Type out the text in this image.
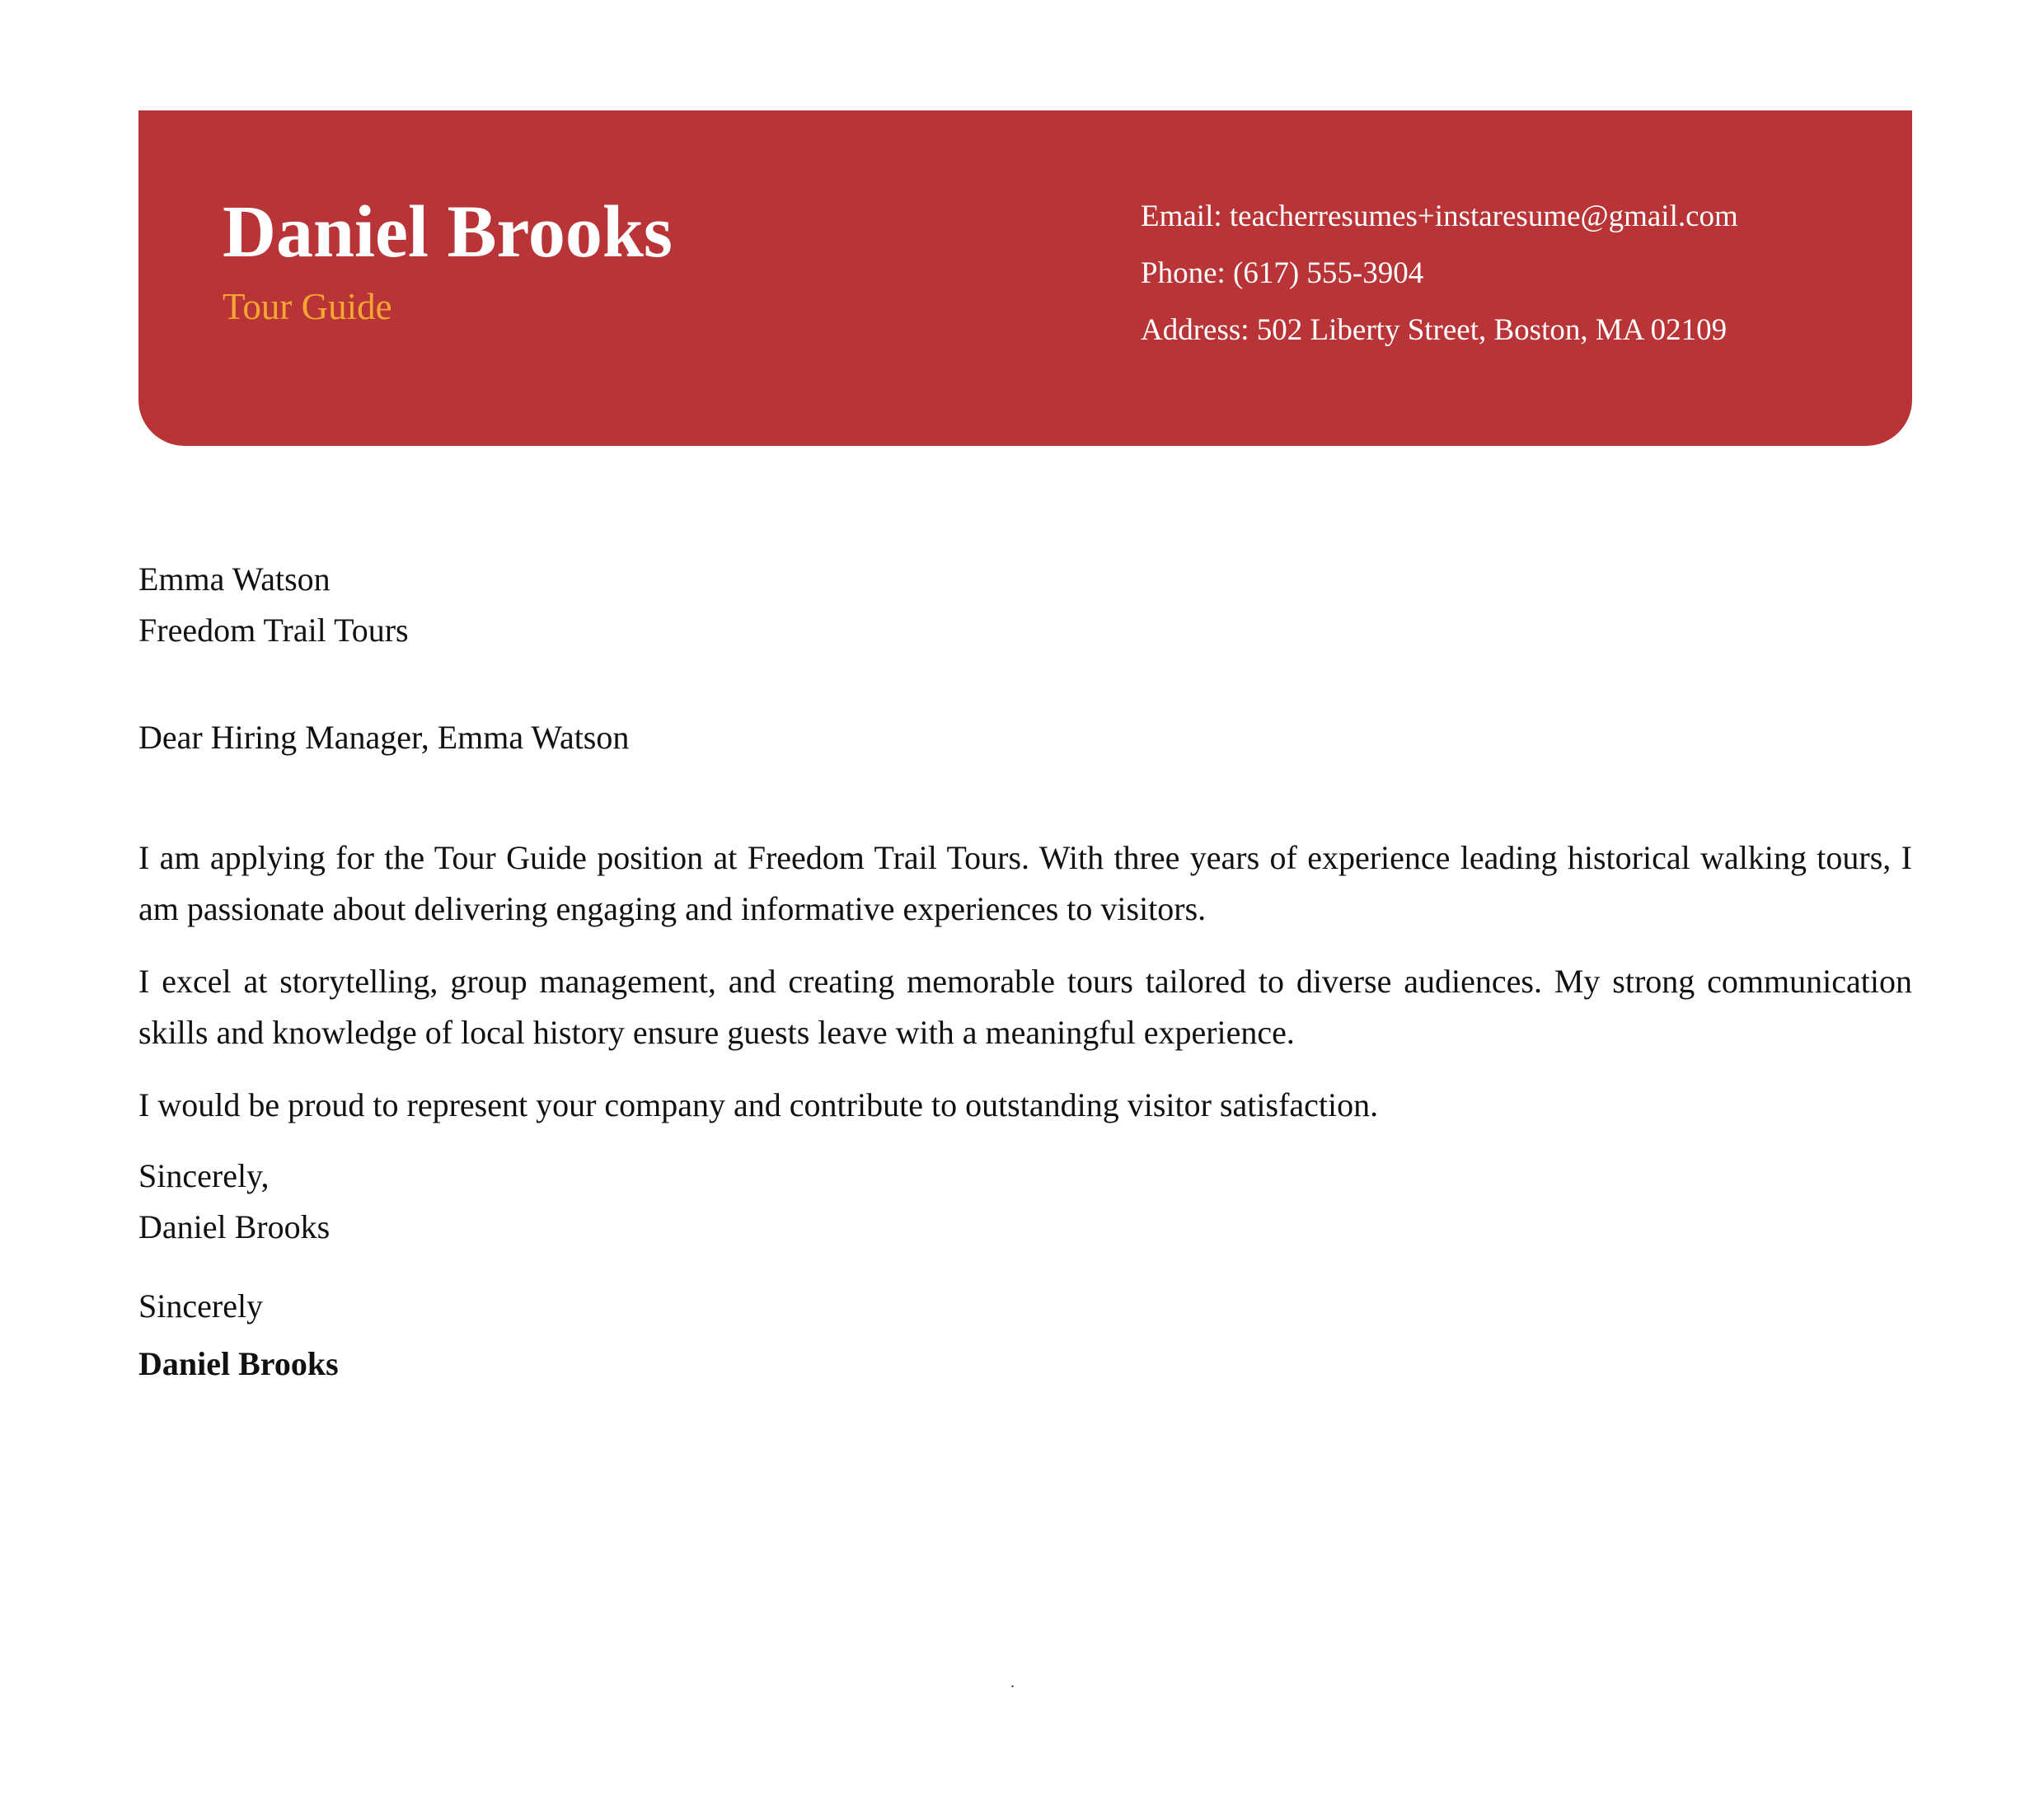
Daniel Brooks
Tour Guide
Email: teacherresumes+instaresume@gmail.com
Phone: (617) 555-3904
Address: 502 Liberty Street, Boston, MA 02109
Emma Watson
Freedom Trail Tours
Dear Hiring Manager, Emma Watson

I am applying for the Tour Guide position at Freedom Trail Tours. With three years of experience leading historical walking tours, I am passionate about delivering engaging and informative experiences to visitors.

I excel at storytelling, group management, and creating memorable tours tailored to diverse audiences. My strong communication skills and knowledge of local history ensure guests leave with a meaningful experience.

I would be proud to represent your company and contribute to outstanding visitor satisfaction.

Sincerely,
Daniel Brooks
Sincerely
Daniel Brooks
.
